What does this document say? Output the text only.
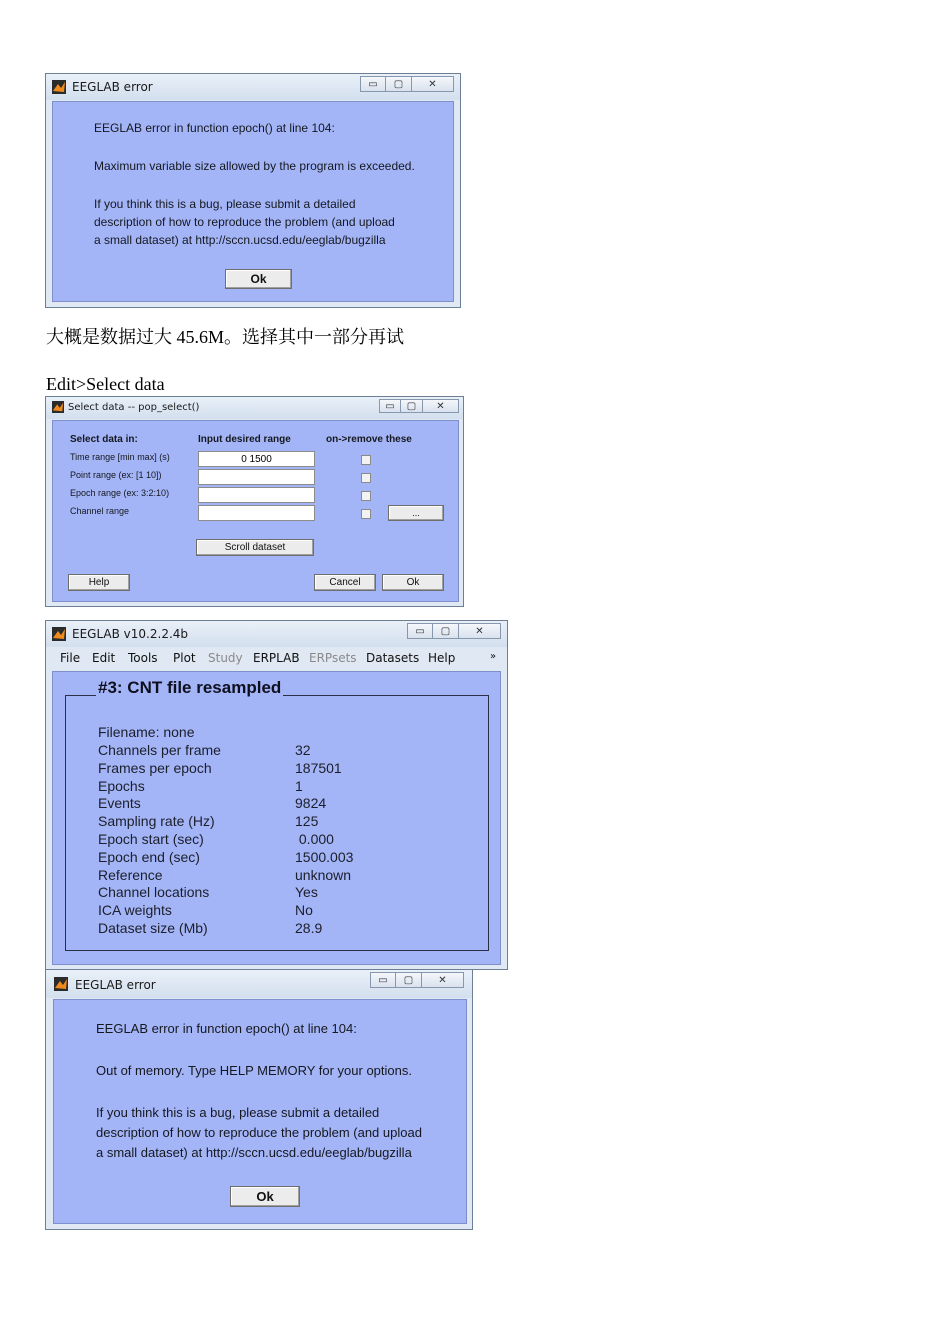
EEGLAB error	▭	▢	✕
EEGLAB error in function epoch() at line 104:
Maximum variable size allowed by the program is exceeded.
If you think this is a bug, please submit a detailed
description of how to reproduce the problem (and upload
a small dataset) at http://sccn.ucsd.edu/eeglab/bugzilla
Ok
大概是数据过大 45.6M。选择其中一部分再试
Edit>Select data
Select data -- pop_select()	▭	▢	✕
Select data in:	Input desired range	on->remove these
Time range [min max] (s)	0 1500
Point range (ex: [1 10])
Epoch range (ex: 3:2:10)
Channel range	...
Scroll dataset
Help	Cancel	Ok
EEGLAB v10.2.2.4b	▭	▢	✕
File Edit Tools Plot Study ERPLAB ERPsets Datasets Help	»
#3: CNT file resampled
Filename: none
Channels per frame	32
Frames per epoch	187501
Epochs	1
Events	9824
Sampling rate (Hz)	125
Epoch start (sec)	0.000
Epoch end (sec)	1500.003
Reference	unknown
Channel locations	Yes
ICA weights	No
Dataset size (Mb)	28.9
EEGLAB error	▭	▢	✕
EEGLAB error in function epoch() at line 104:
Out of memory. Type HELP MEMORY for your options.
If you think this is a bug, please submit a detailed
description of how to reproduce the problem (and upload
a small dataset) at http://sccn.ucsd.edu/eeglab/bugzilla
Ok
